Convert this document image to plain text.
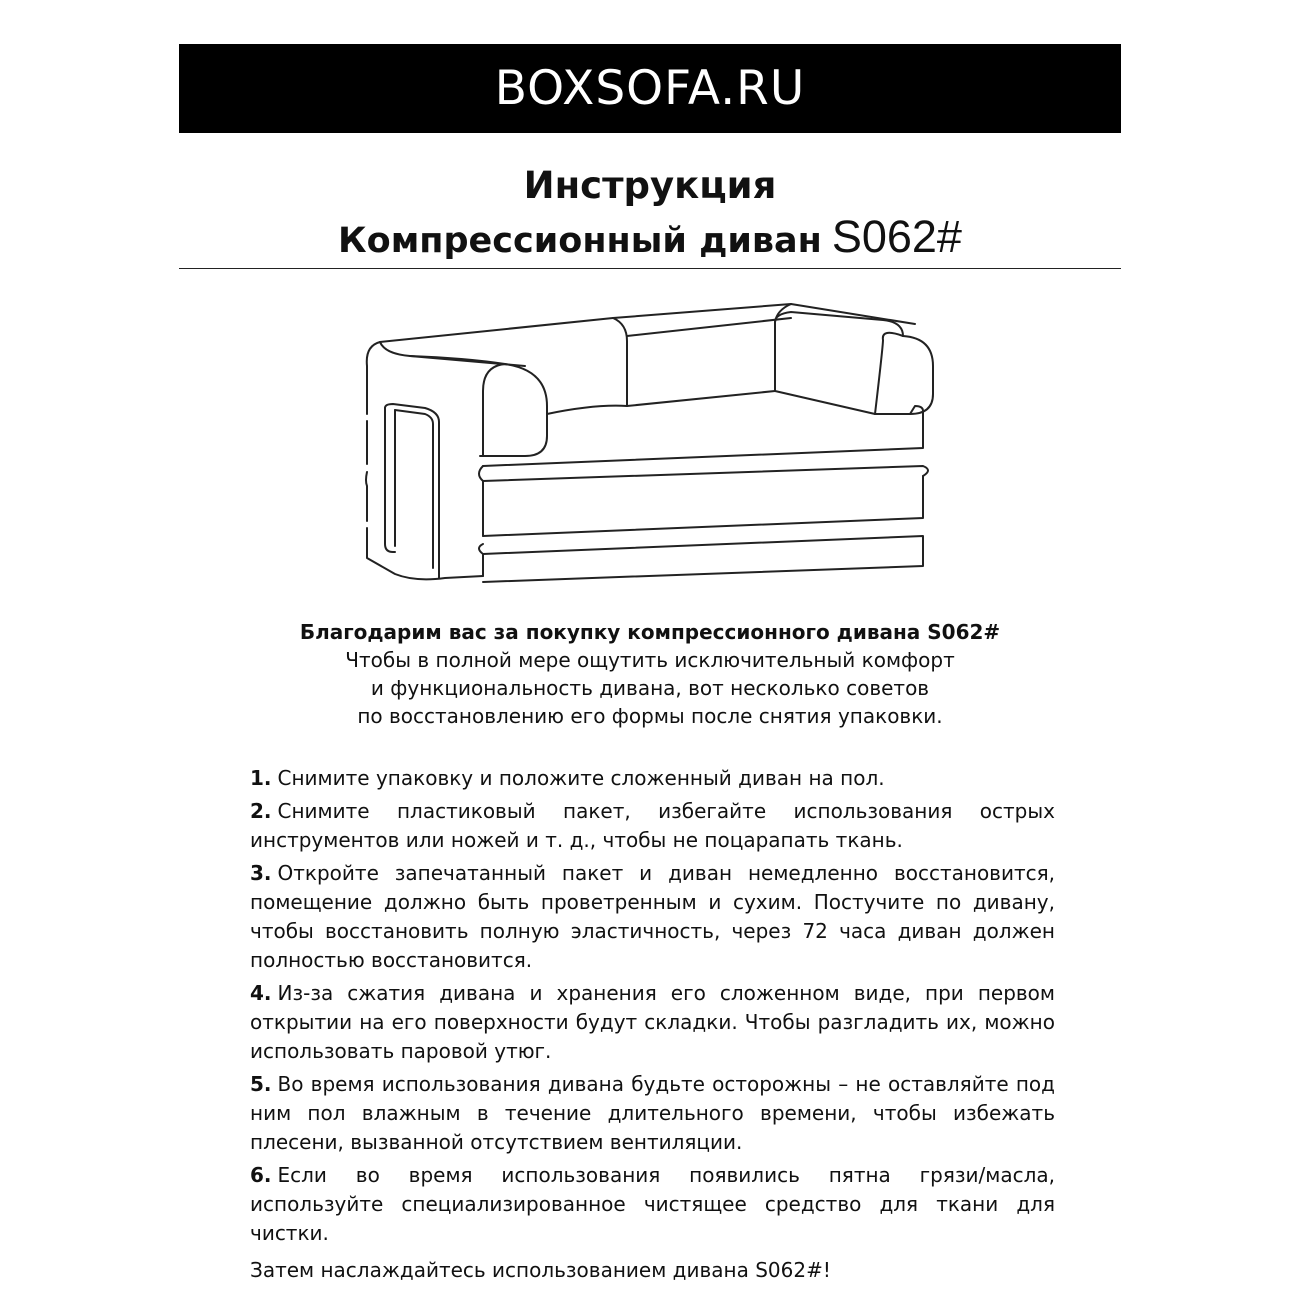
BOXSOFA.RU
Инструкция
Компрессионный диван S062#
Благодарим вас за покупку компрессионного дивана S062#
Чтобы в полной мере ощутить исключительный комфорт
и функциональность дивана, вот несколько советов
по восстановлению его формы после снятия упаковки.

1. Снимите упаковку и положите сложенный диван на пол.

2. Снимите пластиковый пакет, избегайте использования острых инструментов или ножей и т. д., чтобы не поцарапать ткань.

3. Откройте запечатанный пакет и диван немедленно восстановится, помещение должно быть проветренным и сухим. Постучите по дивану, чтобы восстановить полную эластичность, через 72 часа диван должен полностью восстановится.

4. Из-за сжатия дивана и хранения его сложенном виде, при первом открытии на его поверхности будут складки. Чтобы разгладить их, можно использовать паровой утюг.

5. Во время использования дивана будьте осторожны – не оставляйте под ним пол влажным в течение длительного времени, чтобы избежать плесени, вызванной отсутствием вентиляции.

6. Если во время использования появились пятна грязи/масла, используйте специализированное чистящее средство для ткани для чистки.

Затем наслаждайтесь использованием дивана S062#!
